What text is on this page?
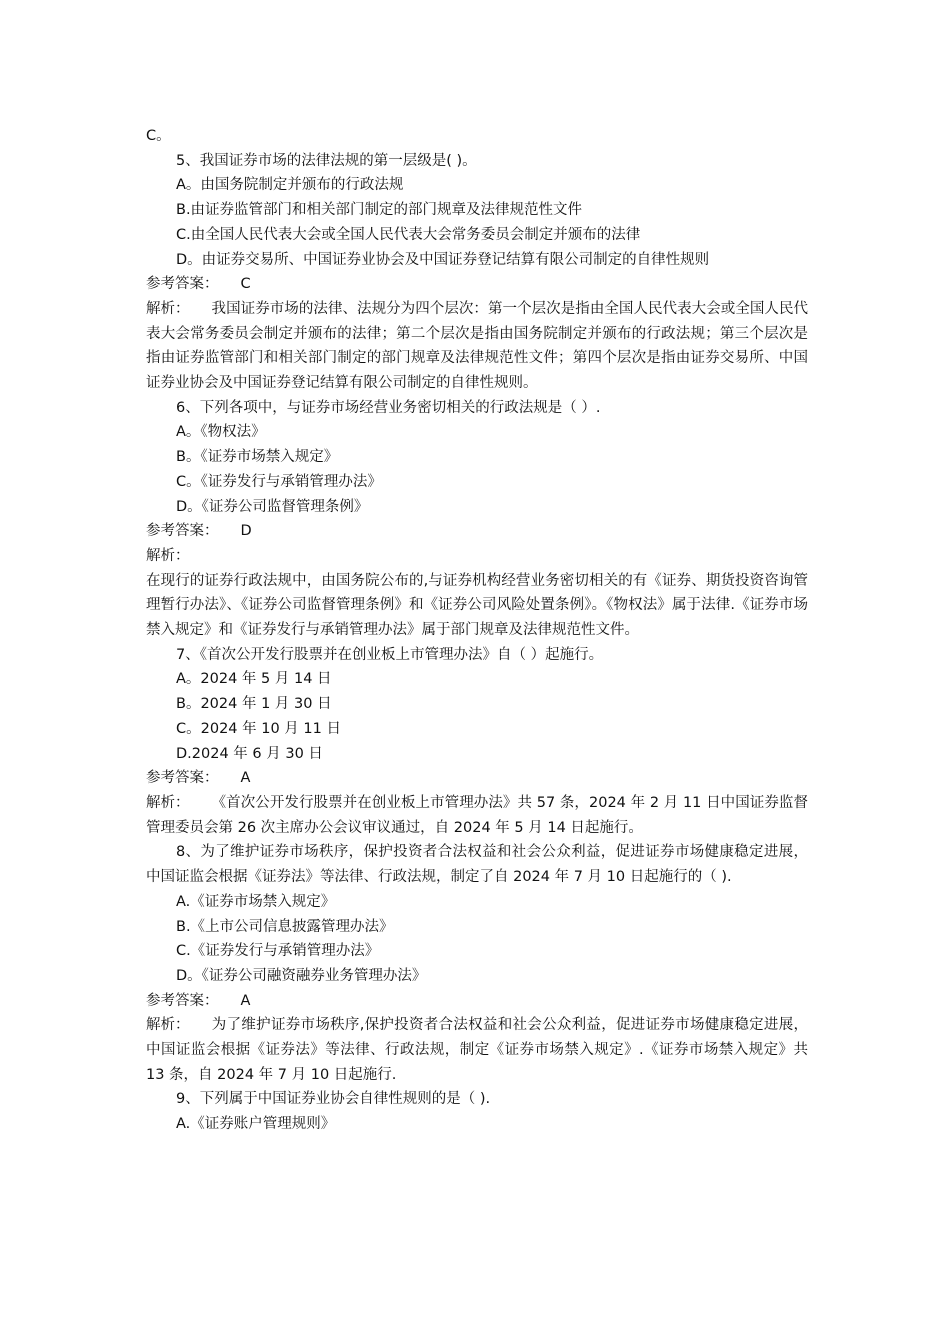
C。
5、我国证券市场的法律法规的第一层级是( )。
A。由国务院制定并颁布的行政法规
B.由证券监管部门和相关部门制定的部门规章及法律规范性文件
C.由全国人民代表大会或全国人民代表大会常务委员会制定并颁布的法律
D。由证券交易所、中国证券业协会及中国证券登记结算有限公司制定的自律性规则
参考答案： C
解析： 我国证券市场的法律、法规分为四个层次：第一个层次是指由全国人民代表大会或全国人民代表大会常务委员会制定并颁布的法律；第二个层次是指由国务院制定并颁布的行政法规；第三个层次是指由证券监管部门和相关部门制定的部门规章及法律规范性文件；第四个层次是指由证券交易所、中国证券业协会及中国证券登记结算有限公司制定的自律性规则。
6、下列各项中，与证券市场经营业务密切相关的行政法规是（ ）.
A。《物权法》
B。《证券市场禁入规定》
C。《证券发行与承销管理办法》
D。《证券公司监督管理条例》
参考答案： D
解析：
在现行的证券行政法规中，由国务院公布的,与证券机构经营业务密切相关的有《证券、期货投资咨询管理暂行办法》、《证券公司监督管理条例》和《证券公司风险处置条例》。《物权法》属于法律.《证券市场禁入规定》和《证券发行与承销管理办法》属于部门规章及法律规范性文件。
7、《首次公开发行股票并在创业板上市管理办法》自（ ）起施行。
A。2024 年 5 月 14 日
B。2024 年 1 月 30 日
C。2024 年 10 月 11 日
D.2024 年 6 月 30 日
参考答案： A
解析： 《首次公开发行股票并在创业板上市管理办法》共 57 条，2024 年 2 月 11 日中国证券监督管理委员会第 26 次主席办公会议审议通过，自 2024 年 5 月 14 日起施行。
8、为了维护证券市场秩序，保护投资者合法权益和社会公众利益，促进证券市场健康稳定进展，中国证监会根据《证券法》等法律、行政法规，制定了自 2024 年 7 月 10 日起施行的（ ).
A.《证券市场禁入规定》
B.《上市公司信息披露管理办法》
C.《证券发行与承销管理办法》
D。《证券公司融资融券业务管理办法》
参考答案： A
解析： 为了维护证券市场秩序,保护投资者合法权益和社会公众利益，促进证券市场健康稳定进展，中国证监会根据《证券法》等法律、行政法规，制定《证券市场禁入规定》.《证券市场禁入规定》共 13 条，自 2024 年 7 月 10 日起施行.
9、下列属于中国证券业协会自律性规则的是（ ).
A.《证券账户管理规则》
